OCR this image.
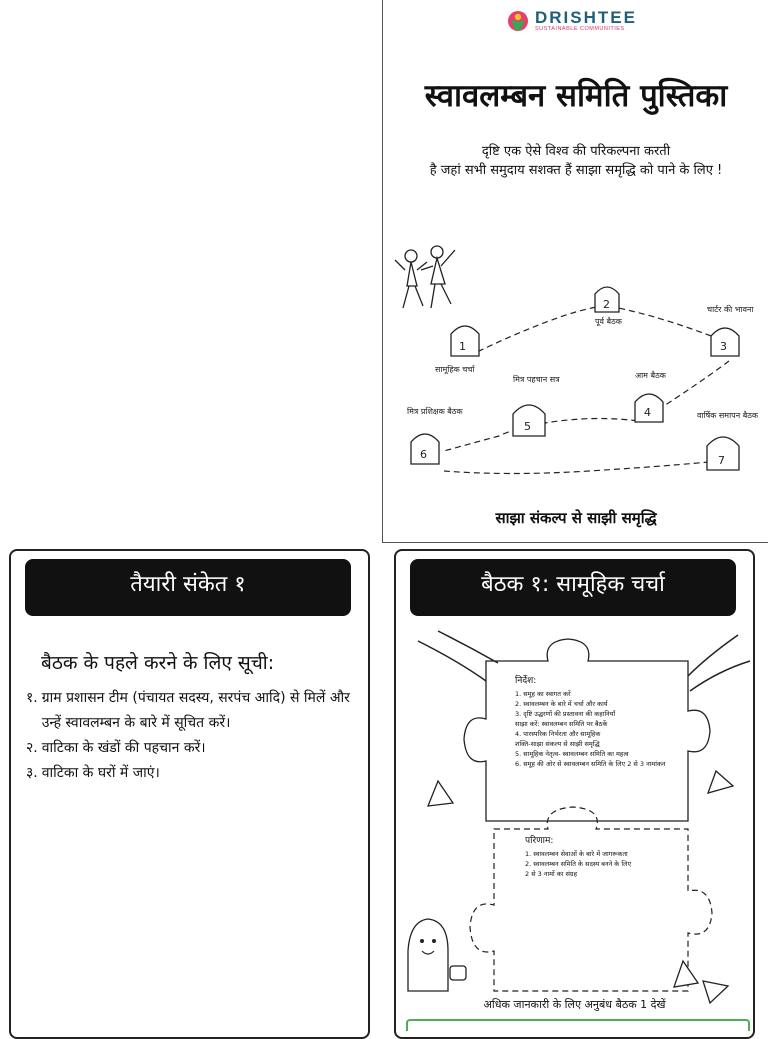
DRISHTEE
SUSTAINABLE COMMUNITIES
स्वावलम्बन समिति पुस्तिका
दृष्टि एक ऐसे विश्व की परिकल्पना करती
है जहां सभी समुदाय सशक्त हैं साझा समृद्धि को पाने के लिए !
1
सामूहिक चर्चा
2
पूर्व बैठक
3
चार्टर की भावना
4
आम बैठक
5
मित्र पहचान सत्र
6
मित्र प्रशिक्षक बैठक
7
वार्षिक समापन बैठक
साझा संकल्प से साझी समृद्धि
तैयारी संकेत १
बैठक के पहले करने के लिए सूची:
१. ग्राम प्रशासन टीम (पंचायत सदस्य, सरपंच आदि) से मिलें और उन्हें स्वावलम्बन के बारे में सूचित करें।
२. वाटिका के खंडों की पहचान करें।
३. वाटिका के घरों में जाएं।
बैठक १: सामूहिक चर्चा
निर्देश:
1. समूह का स्वागत करें
2. स्वावलम्बन के बारे में चर्चा और कार्य
3. दृष्टि उद्धरणों की प्रस्तावना की कहानियाँ
साझा करें: स्वावलम्बन समिति पर बैठकें
4. पारस्परिक निर्भरता और सामूहिक
शक्ति-साझा संकल्प से साझी समृद्धि
5. सामूहिक नेतृत्व- स्वावलम्बन समिति का महत्व
6. समूह की ओर से स्वावलम्बन समिति के लिए 2 से 3 नामांकन
परिणाम:
1. स्वावलम्बन सेवाओं के बारे में जागरूकता
2. स्वावलम्बन समिति के सदस्य बनने के लिए
2 से 3 नामों का संग्रह
अधिक जानकारी के लिए अनुबंध बैठक 1 देखें
